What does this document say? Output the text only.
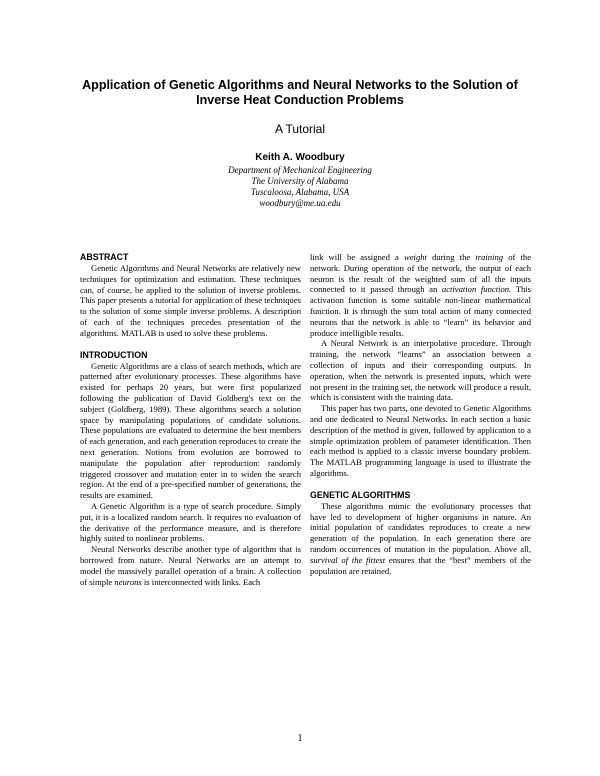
Application of Genetic Algorithms and Neural Networks to the Solution of Inverse Heat Conduction Problems
A Tutorial
Keith A. Woodbury
Department of Mechanical Engineering
The University of Alabama
Tuscaloosa, Alabama, USA
woodbury@me.ua.edu

ABSTRACT

Genetic Algorithms and Neural Networks are relatively new techniques for optimization and estimation. These techniques can, of course, be applied to the solution of inverse problems. This paper presents a tutorial for application of these techniques to the solution of some simple inverse problems. A description of each of the techniques precedes presentation of the algorithms. MATLAB is used to solve these problems.

INTRODUCTION

Genetic Algorithms are a class of search methods, which are patterned after evolutionary processes. These algorithms have existed for perhaps 20 years, but were first popularized following the publication of David Goldberg's text on the subject (Goldberg, 1989). These algorithms search a solution space by manipulating populations of candidate solutions. These populations are evaluated to determine the best members of each generation, and each generation reproduces to create the next generation. Notions from evolution are borrowed to manipulate the population after reproduction: randomly triggered crossover and mutation enter in to widen the search region. At the end of a pre-specified number of generations, the results are examined.

A Genetic Algorithm is a type of search procedure. Simply put, it is a localized random search. It requires no evaluation of the derivative of the performance measure, and is therefore highly suited to nonlinear problems.

Neural Networks describe another type of algorithm that is borrowed from nature. Neural Networks are an attempt to model the massively parallel operation of a brain. A collection of simple neurons is interconnected with links. Each

link will be assigned a weight during the training of the network. During operation of the network, the output of each neuron is the result of the weighted sum of all the inputs connected to it passed through an activation function. This activation function is some suitable non-linear mathematical function. It is through the sum total action of many connected neurons that the network is able to “learn” its behavior and produce intelligible results.

A Neural Network is an interpolative procedure. Through training, the network “learns” an association between a collection of inputs and their corresponding outputs. In operation, when the network is presented inputs, which were not present in the training set, the network will produce a result, which is consistent with the training data.

This paper has two parts, one devoted to Genetic Algorithms and one dedicated to Neural Networks. In each section a basic description of the method is given, followed by application to a simple optimization problem of parameter identification. Then each method is applied to a classic inverse boundary problem. The MATLAB programming language is used to illustrate the algorithms.

GENETIC ALGORITHMS

These algorithms mimic the evolutionary processes that have led to development of higher organisms in nature. An initial population of candidates reproduces to create a new generation of the population. In each generation there are random occurrences of mutation in the population. Above all, survival of the fittest ensures that the “best” members of the population are retained.

1
